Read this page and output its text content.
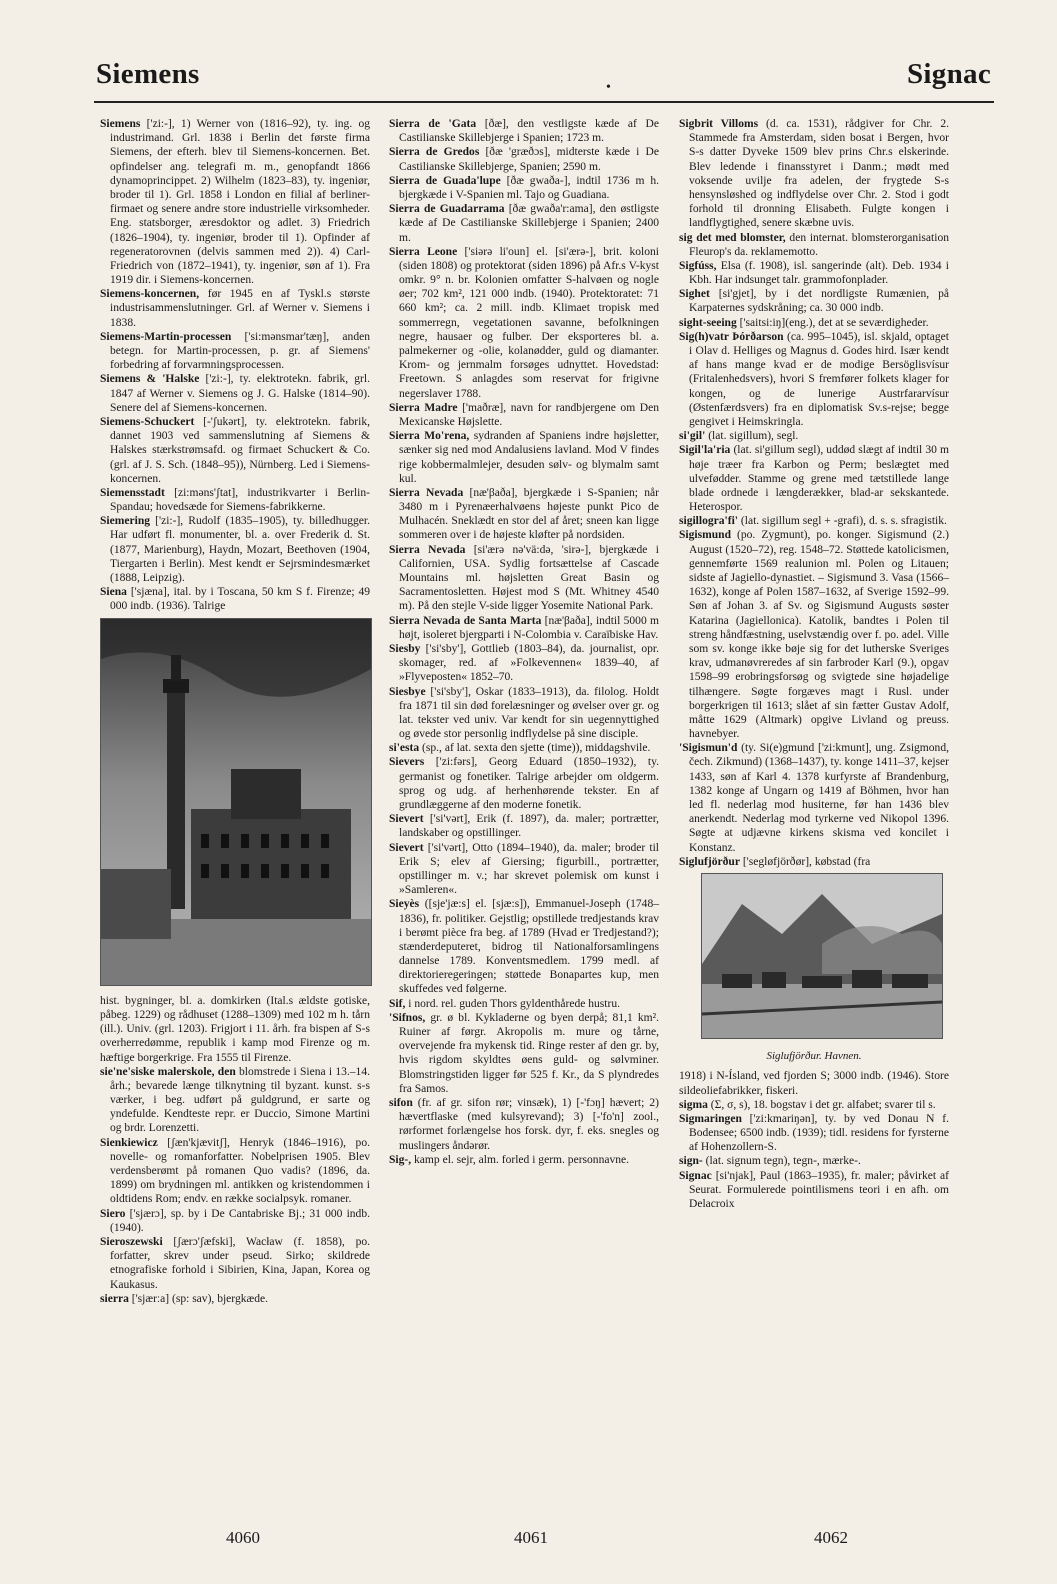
Siemens	•	Signac

Siemens ['zi:-], 1) Werner von (1816–92), ty. ing. og industrimand. Grl. 1838 i Berlin det første firma Siemens, der efterh. blev til Siemens-koncernen. Bet. opfindelser ang. telegrafi m. m., genopfandt 1866 dynamoprincippet. 2) Wilhelm (1823–83), ty. ingeniør, broder til 1). Grl. 1858 i London en filial af berliner-firmaet og senere andre store industrielle virksomheder. Eng. statsborger, æresdoktor og adlet. 3) Friedrich (1826–1904), ty. ingeniør, broder til 1). Opfinder af regeneratorovnen (delvis sammen med 2)). 4) Carl-Friedrich von (1872–1941), ty. ingeniør, søn af 1). Fra 1919 dir. i Siemens-koncernen.

Siemens-koncernen, før 1945 en af Tyskl.s største industrisammenslutninger. Grl. af Werner v. Siemens i 1838.

Siemens-Martin-processen ['si:mənsmar'tæŋ], anden betegn. for Martin-processen, p. gr. af Siemens' forbedring af forvarmningsprocessen.

Siemens & 'Halske ['zi:-], ty. elektrotekn. fabrik, grl. 1847 af Werner v. Siemens og J. G. Halske (1814–90). Senere del af Siemens-koncernen.

Siemens-Schuckert [-'ʃukərt], ty. elektrotekn. fabrik, dannet 1903 ved sammenslutning af Siemens & Halskes stærkstrømsafd. og firmaet Schuckert & Co. (grl. af J. S. Sch. (1848–95)), Nürnberg. Led i Siemens-koncernen.

Siemensstadt [zi:məns'ʃtat], industrikvarter i Berlin-Spandau; hovedsæde for Siemens-fabrikkerne.

Siemering ['zi:-], Rudolf (1835–1905), ty. billedhugger. Har udført fl. monumenter, bl. a. over Frederik d. St. (1877, Marienburg), Haydn, Mozart, Beethoven (1904, Tiergarten i Berlin). Mest kendt er Sejrsmindesmærket (1888, Leipzig).

Siena ['sjæna], ital. by i Toscana, 50 km S f. Firenze; 49 000 indb. (1936). Talrige

hist. bygninger, bl. a. domkirken (Ital.s ældste gotiske, påbeg. 1229) og rådhuset (1288–1309) med 102 m h. tårn (ill.). Univ. (grl. 1203). Frigjort i 11. årh. fra bispen af S-s overherredømme, republik i kamp mod Firenze og m. hæftige borgerkrige. Fra 1555 til Firenze.

sie'ne'siske malerskole, den blomstrede i Siena i 13.–14. årh.; bevarede længe tilknytning til byzant. kunst. s-s værker, i beg. udført på guldgrund, er sarte og yndefulde. Kendteste repr. er Duccio, Simone Martini og brdr. Lorenzetti.

Sienkiewicz [ʃæn'kjævitʃ], Henryk (1846–1916), po. novelle- og romanforfatter. Nobelprisen 1905. Blev verdensberømt på romanen Quo vadis? (1896, da. 1899) om brydningen ml. antikken og kristendommen i oldtidens Rom; endv. en række socialpsyk. romaner.

Siero ['sjærɔ], sp. by i De Cantabriske Bj.; 31 000 indb. (1940).

Sieroszewski [ʃærɔ'ʃæfski], Wacław (f. 1858), po. forfatter, skrev under pseud. Sirko; skildrede etnografiske forhold i Sibirien, Kina, Japan, Korea og Kaukasus.

sierra ['sjærːa] (sp: sav), bjergkæde.

Sierra de 'Gata [ðæ], den vestligste kæde af De Castilianske Skillebjerge i Spanien; 1723 m.

Sierra de Gredos [ðæ 'græðɔs], midterste kæde i De Castilianske Skillebjerge, Spanien; 2590 m.

Sierra de Guada'lupe [ðæ gwaða-], indtil 1736 m h. bjergkæde i V-Spanien ml. Tajo og Guadiana.

Sierra de Guadarrama [ðæ gwaða'r:ama], den østligste kæde af De Castilianske Skillebjerge i Spanien; 2400 m.

Sierra Leone ['siərə li'oun] el. [si'ærə-], brit. koloni (siden 1808) og protektorat (siden 1896) på Afr.s V-kyst omkr. 9° n. br. Kolonien omfatter S-halvøen og nogle øer; 702 km², 121 000 indb. (1940). Protektoratet: 71 660 km²; ca. 2 mill. indb. Klimaet tropisk med sommerregn, vegetationen savanne, befolkningen negre, hausaer og fulber. Der eksporteres bl. a. palmekerner og -olie, kolanødder, guld og diamanter. Krom- og jernmalm forsøges udnyttet. Hovedstad: Freetown. S anlagdes som reservat for frigivne negerslaver 1788.

Sierra Madre ['maðræ], navn for randbjergene om Den Mexicanske Højslette.

Sierra Mo'rena, sydranden af Spaniens indre højsletter, sænker sig ned mod Andalusiens lavland. Mod V findes rige kobbermalmlejer, desuden sølv- og blymalm samt kul.

Sierra Nevada [næ'βaða], bjergkæde i S-Spanien; når 3480 m i Pyrenæerhalvøens højeste punkt Pico de Mulhacén. Sneklædt en stor del af året; sneen kan ligge sommeren over i de højeste kløfter på nordsiden.

Sierra Nevada [si'ærə nə'vä:də, 'sirə-], bjergkæde i Californien, USA. Sydlig fortsættelse af Cascade Mountains ml. højsletten Great Basin og Sacramentosletten. Højest mod S (Mt. Whitney 4540 m). På den stejle V-side ligger Yosemite National Park.

Sierra Nevada de Santa Marta [næ'βaða], indtil 5000 m højt, isoleret bjergparti i N-Colombia v. Caraïbiske Hav.

Siesby ['si'sby'], Gottlieb (1803–84), da. journalist, opr. skomager, red. af »Folkevennen« 1839–40, af »Flyveposten« 1852–70.

Siesbye ['si'sby'], Oskar (1833–1913), da. filolog. Holdt fra 1871 til sin død forelæsninger og øvelser over gr. og lat. tekster ved univ. Var kendt for sin uegennyttighed og øvede stor personlig indflydelse på sine disciple.

si'esta (sp., af lat. sexta den sjette (time)), middagshvile.

Sievers ['zi:fərs], Georg Eduard (1850–1932), ty. germanist og fonetiker. Talrige arbejder om oldgerm. sprog og udg. af herhenhørende tekster. En af grundlæggerne af den moderne fonetik.

Sievert ['si'vərt], Erik (f. 1897), da. maler; portrætter, landskaber og opstillinger.

Sievert ['si'vərt], Otto (1894–1940), da. maler; broder til Erik S; elev af Giersing; figurbill., portrætter, opstillinger m. v.; har skrevet polemisk om kunst i »Samleren«.

Sieyès ([sje'jæ:s] el. [sjæ:s]), Emmanuel-Joseph (1748–1836), fr. politiker. Gejstlig; opstillede tredjestands krav i berømt pièce fra beg. af 1789 (Hvad er Tredjestand?); stænderdeputeret, bidrog til Nationalforsamlingens dannelse 1789. Konventsmedlem. 1799 medl. af direktorieregeringen; støttede Bonapartes kup, men skuffedes ved følgerne.

Sif, i nord. rel. guden Thors gyldenthårede hustru.

'Sifnos, gr. ø bl. Kykladerne og byen derpå; 81,1 km². Ruiner af førgr. Akropolis m. mure og tårne, overvejende fra mykensk tid. Ringe rester af den gr. by, hvis rigdom skyldtes øens guld- og sølvminer. Blomstringstiden ligger før 525 f. Kr., da S plyndredes fra Samos.

sifon (fr. af gr. sifon rør; vinsæk), 1) [-'fɔŋ] hævert; 2) hævertflaske (med kulsyrevand); 3) [-'fo'n] zool., rørformet forlængelse hos forsk. dyr, f. eks. snegles og muslingers åndərør.

Sig-, kamp el. sejr, alm. forled i germ. personnavne.

Sigbrit Villoms (d. ca. 1531), rådgiver for Chr. 2. Stammede fra Amsterdam, siden bosat i Bergen, hvor S-s datter Dyveke 1509 blev prins Chr.s elskerinde. Blev ledende i finansstyret i Danm.; mødt med voksende uvilje fra adelen, der frygtede S-s hensynsløshed og indflydelse over Chr. 2. Stod i godt forhold til dronning Elisabeth. Fulgte kongen i landflygtighed, senere skæbne uvis.

sig det med blomster, den internat. blomsterorganisation Fleurop's da. reklamemotto.

Sigfúss, Elsa (f. 1908), isl. sangerinde (alt). Deb. 1934 i Kbh. Har indsunget talr. grammofonplader.

Sighet [si'gjet], by i det nordligste Rumænien, på Karpaternes sydskråning; ca. 30 000 indb.

sight-seeing ['saitsi:iŋ](eng.), det at se seværdigheder.

Sig(h)vatr Þórðarson (ca. 995–1045), isl. skjald, optaget i Olav d. Helliges og Magnus d. Godes hird. Især kendt af hans mange kvad er de modige Bersöglisvísur (Fritalenhedsvers), hvori S fremfører folkets klager for kongen, og de lunerige Austrfararvísur (Østenfærdsvers) fra en diplomatisk Sv.s-rejse; begge gengivet i Heimskringla.

si'gil' (lat. sigillum), segl.

Sigil'la'ria (lat. si'gillum segl), uddød slægt af indtil 30 m høje træer fra Karbon og Perm; beslægtet med ulvefødder. Stamme og grene med tætstillede lange blade ordnede i længderækker, blad-ar sekskantede. Heterospor.

sigillogra'fi' (lat. sigillum segl + -grafi), d. s. s. sfragistik.

Sigismund (po. Zygmunt), po. konger. Sigismund (2.) August (1520–72), reg. 1548–72. Støttede katolicismen, gennemførte 1569 realunion ml. Polen og Litauen; sidste af Jagiello-dynastiet. – Sigismund 3. Vasa (1566–1632), konge af Polen 1587–1632, af Sverige 1592–99. Søn af Johan 3. af Sv. og Sigismund Augusts søster Katarina (Jagiellonica). Katolik, bandtes i Polen til streng håndfæstning, uselvstændig over f. po. adel. Ville som sv. konge ikke bøje sig for det lutherske Sveriges krav, udmanøvreredes af sin farbroder Karl (9.), opgav 1598–99 erobringsforsøg og svigtede sine højadelige tilhængere. Søgte forgæves magt i Rusl. under borgerkrigen til 1613; slået af sin fætter Gustav Adolf, måtte 1629 (Altmark) opgive Livland og preuss. havnebyer.

'Sigismun'd (ty. Si(e)gmund ['zi:kmunt], ung. Zsigmond, čech. Zikmund) (1368–1437), ty. konge 1411–37, kejser 1433, søn af Karl 4. 1378 kurfyrste af Brandenburg, 1382 konge af Ungarn og 1419 af Böhmen, hvor han led fl. nederlag mod husiterne, før han 1436 blev anerkendt. Nederlag mod tyrkerne ved Nikopol 1396. Søgte at udjævne kirkens skisma ved koncilet i Konstanz.

Siglufjörður ['segløfjörðør], købstad (fra

Siglufjörður. Havnen.

1918) i N-Ísland, ved fjorden S; 3000 indb. (1946). Store sildeoliefabrikker, fiskeri.

sigma (Σ, σ, s), 18. bogstav i det gr. alfabet; svarer til s.

Sigmaringen ['zi:kmariŋən], ty. by ved Donau N f. Bodensee; 6500 indb. (1939); tidl. residens for fyrsterne af Hohenzollern-S.

sign- (lat. signum tegn), tegn-, mærke-.

Signac [si'njak], Paul (1863–1935), fr. maler; påvirket af Seurat. Formulerede pointilismens teori i en afh. om Delacroix

4060	4061	4062
